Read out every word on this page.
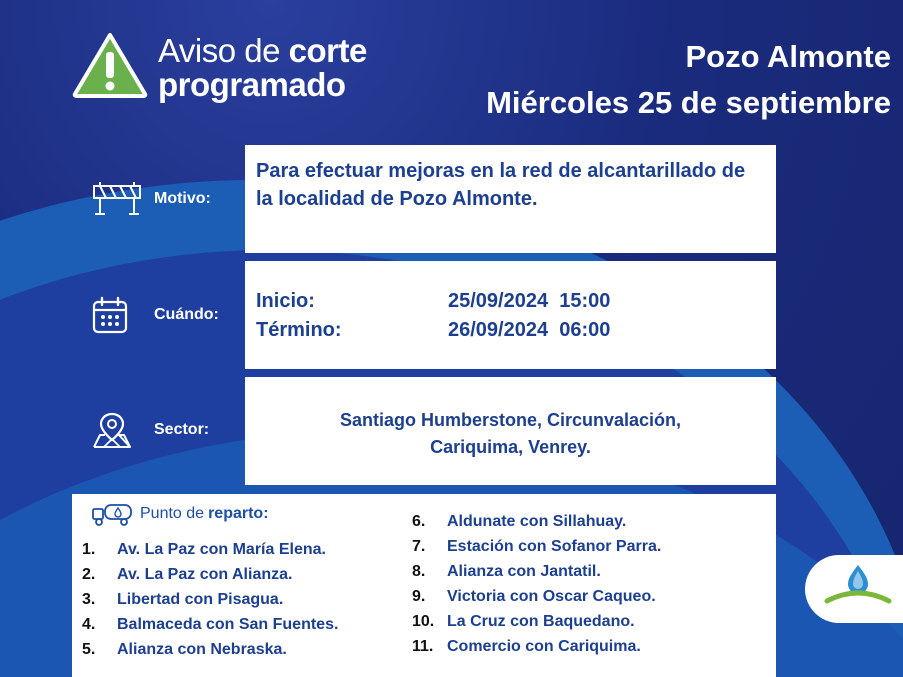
Aviso de corte
programado
Pozo Almonte
Miércoles 25 de septiembre
Motivo:
Para efectuar mejoras en la red de alcantarillado de la localidad de Pozo Almonte.
Cuándo:
Inicio:	25/09/2024  15:00
Término:	26/09/2024  06:00
Sector:	Santiago Humberstone, Circunvalación,
Cariquima, Venrey.
Punto de reparto:
1.	Av. La Paz con María Elena.
2.	Av. La Paz con Alianza.
3.	Libertad con Pisagua.
4.	Balmaceda con San Fuentes.
5.	Alianza con Nebraska.
6.	Aldunate con Sillahuay.
7.	Estación con Sofanor Parra.
8.	Alianza con Jantatil.
9.	Victoria con Oscar Caqueo.
10. La Cruz con Baquedano.
11. Comercio con Cariquima.
